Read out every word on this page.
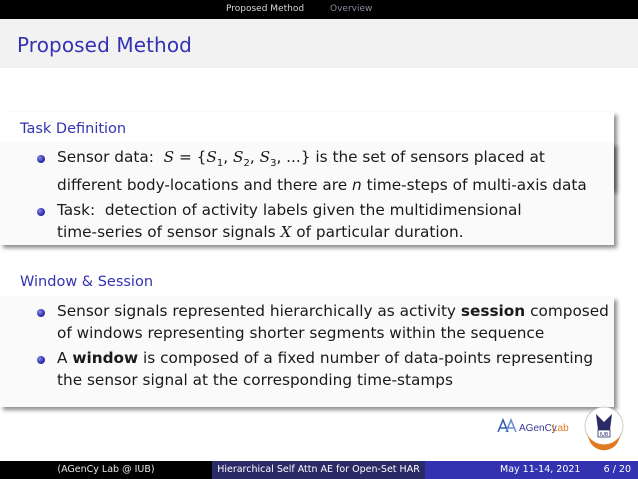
Proposed Method	Overview
Proposed Method
Task Definition
Sensor data:  $S = \{S_1$, $S_2$, $S_3$, ...} is the set of sensors placed at
different body-locations and there are n time-steps of multi-axis data
Task:  detection of activity labels given the multidimensional
time-series of sensor signals X of particular duration.
Window & Session
Sensor signals represented hierarchically as activity session composed
of windows representing shorter segments within the sequence
A window is composed of a fixed number of data-points representing
the sensor signal at the corresponding time-stamps
AGenCy
Lab
IUB
(AGenCy Lab @ IUB)	Hierarchical Self Attn AE for Open-Set HAR	May 11-14, 2021 6 / 20
